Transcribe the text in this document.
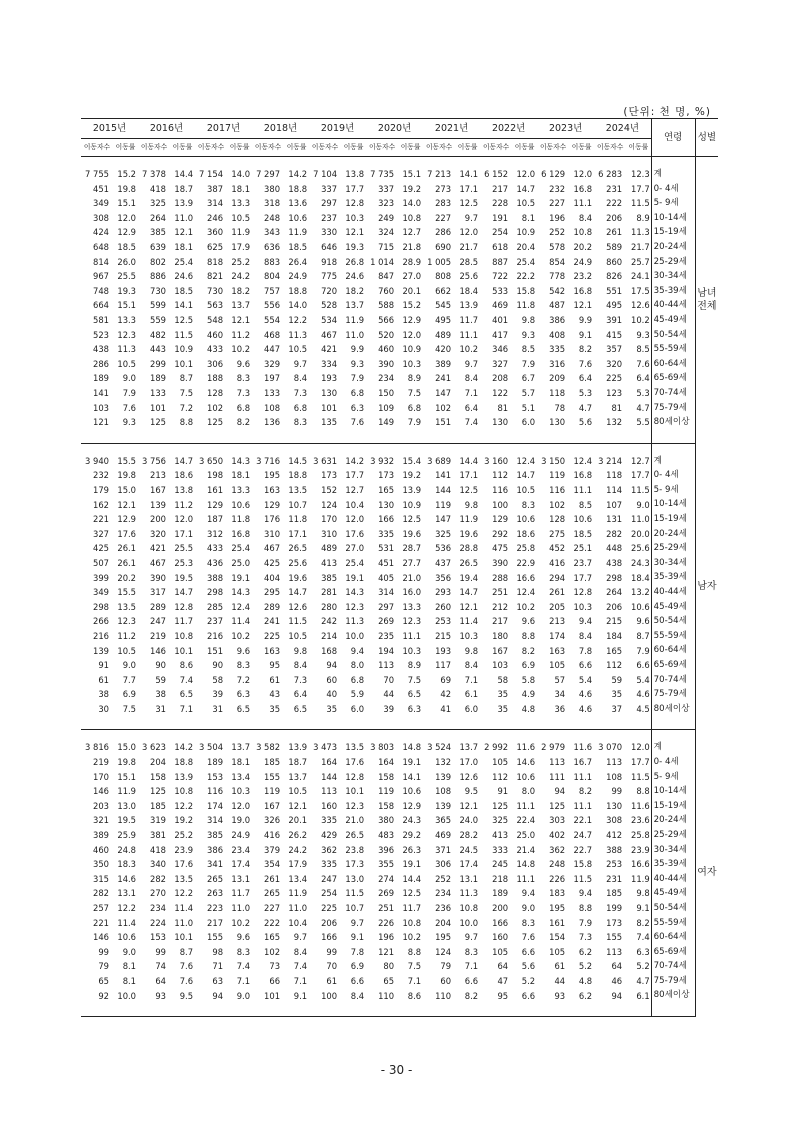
(단위: 천 명, %)
2015년		2016년		2017년		2018년		2019년		2020년		2021년		2022년		2023년		2024년		연령	성별
이동자수	이동률	이동자수	이동률	이동자수	이동률	이동자수	이동률	이동자수	이동률	이동자수	이동률	이동자수	이동률	이동자수	이동률	이동자수	이동률	이동자수	이동률		
																					남녀전체
7 755	15.2	7 378	14.4	7 154	14.0	7 297	14.2	7 104	13.8	7 735	15.1	7 213	14.1	6 152	12.0	6 129	12.0	6 283	12.3	계	
451	19.8	418	18.7	387	18.1	380	18.8	337	17.7	337	19.2	273	17.1	217	14.7	232	16.8	231	17.7	0- 4세	
349	15.1	325	13.9	314	13.3	318	13.6	297	12.8	323	14.0	283	12.5	228	10.5	227	11.1	222	11.5	5- 9세	
308	12.0	264	11.0	246	10.5	248	10.6	237	10.3	249	10.8	227	9.7	191	8.1	196	8.4	206	8.9	10-14세	
424	12.9	385	12.1	360	11.9	343	11.9	330	12.1	324	12.7	286	12.0	254	10.9	252	10.8	261	11.3	15-19세	
648	18.5	639	18.1	625	17.9	636	18.5	646	19.3	715	21.8	690	21.7	618	20.4	578	20.2	589	21.7	20-24세	
814	26.0	802	25.4	818	25.2	883	26.4	918	26.8	1 014	28.9	1 005	28.5	887	25.4	854	24.9	860	25.7	25-29세	
967	25.5	886	24.6	821	24.2	804	24.9	775	24.6	847	27.0	808	25.6	722	22.2	778	23.2	826	24.1	30-34세	
748	19.3	730	18.5	730	18.2	757	18.8	720	18.2	760	20.1	662	18.4	533	15.8	542	16.8	551	17.5	35-39세	
664	15.1	599	14.1	563	13.7	556	14.0	528	13.7	588	15.2	545	13.9	469	11.8	487	12.1	495	12.6	40-44세	
581	13.3	559	12.5	548	12.1	554	12.2	534	11.9	566	12.9	495	11.7	401	9.8	386	9.9	391	10.2	45-49세	
523	12.3	482	11.5	460	11.2	468	11.3	467	11.0	520	12.0	489	11.1	417	9.3	408	9.1	415	9.3	50-54세	
438	11.3	443	10.9	433	10.2	447	10.5	421	9.9	460	10.9	420	10.2	346	8.5	335	8.2	357	8.5	55-59세	
286	10.5	299	10.1	306	9.6	329	9.7	334	9.3	390	10.3	389	9.7	327	7.9	316	7.6	320	7.6	60-64세	
189	9.0	189	8.7	188	8.3	197	8.4	193	7.9	234	8.9	241	8.4	208	6.7	209	6.4	225	6.4	65-69세	
141	7.9	133	7.5	128	7.3	133	7.3	130	6.8	150	7.5	147	7.1	122	5.7	118	5.3	123	5.3	70-74세	
103	7.6	101	7.2	102	6.8	108	6.8	101	6.3	109	6.8	102	6.4	81	5.1	78	4.7	81	4.7	75-79세	
121	9.3	125	8.8	125	8.2	136	8.3	135	7.6	149	7.9	151	7.4	130	6.0	130	5.6	132	5.5	80세이상	

																					남자
3 940	15.5	3 756	14.7	3 650	14.3	3 716	14.5	3 631	14.2	3 932	15.4	3 689	14.4	3 160	12.4	3 150	12.4	3 214	12.7	계	
232	19.8	213	18.6	198	18.1	195	18.8	173	17.7	173	19.2	141	17.1	112	14.7	119	16.8	118	17.7	0- 4세	
179	15.0	167	13.8	161	13.3	163	13.5	152	12.7	165	13.9	144	12.5	116	10.5	116	11.1	114	11.5	5- 9세	
162	12.1	139	11.2	129	10.6	129	10.7	124	10.4	130	10.9	119	9.8	100	8.3	102	8.5	107	9.0	10-14세	
221	12.9	200	12.0	187	11.8	176	11.8	170	12.0	166	12.5	147	11.9	129	10.6	128	10.6	131	11.0	15-19세	
327	17.6	320	17.1	312	16.8	310	17.1	310	17.6	335	19.6	325	19.6	292	18.6	275	18.5	282	20.0	20-24세	
425	26.1	421	25.5	433	25.4	467	26.5	489	27.0	531	28.7	536	28.8	475	25.8	452	25.1	448	25.6	25-29세	
507	26.1	467	25.3	436	25.0	425	25.6	413	25.4	451	27.7	437	26.5	390	22.9	416	23.7	438	24.3	30-34세	
399	20.2	390	19.5	388	19.1	404	19.6	385	19.1	405	21.0	356	19.4	288	16.6	294	17.7	298	18.4	35-39세	
349	15.5	317	14.7	298	14.3	295	14.7	281	14.3	314	16.0	293	14.7	251	12.4	261	12.8	264	13.2	40-44세	
298	13.5	289	12.8	285	12.4	289	12.6	280	12.3	297	13.3	260	12.1	212	10.2	205	10.3	206	10.6	45-49세	
266	12.3	247	11.7	237	11.4	241	11.5	242	11.3	269	12.3	253	11.4	217	9.6	213	9.4	215	9.6	50-54세	
216	11.2	219	10.8	216	10.2	225	10.5	214	10.0	235	11.1	215	10.3	180	8.8	174	8.4	184	8.7	55-59세	
139	10.5	146	10.1	151	9.6	163	9.8	168	9.4	194	10.3	193	9.8	167	8.2	163	7.8	165	7.9	60-64세	
91	9.0	90	8.6	90	8.3	95	8.4	94	8.0	113	8.9	117	8.4	103	6.9	105	6.6	112	6.6	65-69세	
61	7.7	59	7.4	58	7.2	61	7.3	60	6.8	70	7.5	69	7.1	58	5.8	57	5.4	59	5.4	70-74세	
38	6.9	38	6.5	39	6.3	43	6.4	40	5.9	44	6.5	42	6.1	35	4.9	34	4.6	35	4.6	75-79세	
30	7.5	31	7.1	31	6.5	35	6.5	35	6.0	39	6.3	41	6.0	35	4.8	36	4.6	37	4.5	80세이상	

																					여자
3 816	15.0	3 623	14.2	3 504	13.7	3 582	13.9	3 473	13.5	3 803	14.8	3 524	13.7	2 992	11.6	2 979	11.6	3 070	12.0	계	
219	19.8	204	18.8	189	18.1	185	18.7	164	17.6	164	19.1	132	17.0	105	14.6	113	16.7	113	17.7	0- 4세	
170	15.1	158	13.9	153	13.4	155	13.7	144	12.8	158	14.1	139	12.6	112	10.6	111	11.1	108	11.5	5- 9세	
146	11.9	125	10.8	116	10.3	119	10.5	113	10.1	119	10.6	108	9.5	91	8.0	94	8.2	99	8.8	10-14세	
203	13.0	185	12.2	174	12.0	167	12.1	160	12.3	158	12.9	139	12.1	125	11.1	125	11.1	130	11.6	15-19세	
321	19.5	319	19.2	314	19.0	326	20.1	335	21.0	380	24.3	365	24.0	325	22.4	303	22.1	308	23.6	20-24세	
389	25.9	381	25.2	385	24.9	416	26.2	429	26.5	483	29.2	469	28.2	413	25.0	402	24.7	412	25.8	25-29세	
460	24.8	418	23.9	386	23.4	379	24.2	362	23.8	396	26.3	371	24.5	333	21.4	362	22.7	388	23.9	30-34세	
350	18.3	340	17.6	341	17.4	354	17.9	335	17.3	355	19.1	306	17.4	245	14.8	248	15.8	253	16.6	35-39세	
315	14.6	282	13.5	265	13.1	261	13.4	247	13.0	274	14.4	252	13.1	218	11.1	226	11.5	231	11.9	40-44세	
282	13.1	270	12.2	263	11.7	265	11.9	254	11.5	269	12.5	234	11.3	189	9.4	183	9.4	185	9.8	45-49세	
257	12.2	234	11.4	223	11.0	227	11.0	225	10.7	251	11.7	236	10.8	200	9.0	195	8.8	199	9.1	50-54세	
221	11.4	224	11.0	217	10.2	222	10.4	206	9.7	226	10.8	204	10.0	166	8.3	161	7.9	173	8.2	55-59세	
146	10.6	153	10.1	155	9.6	165	9.7	166	9.1	196	10.2	195	9.7	160	7.6	154	7.3	155	7.4	60-64세	
99	9.0	99	8.7	98	8.3	102	8.4	99	7.8	121	8.8	124	8.3	105	6.6	105	6.2	113	6.3	65-69세	
79	8.1	74	7.6	71	7.4	73	7.4	70	6.9	80	7.5	79	7.1	64	5.6	61	5.2	64	5.2	70-74세	
65	8.1	64	7.6	63	7.1	66	7.1	61	6.6	65	7.1	60	6.6	47	5.2	44	4.8	46	4.7	75-79세	
92	10.0	93	9.5	94	9.0	101	9.1	100	8.4	110	8.6	110	8.2	95	6.6	93	6.2	94	6.1	80세이상	

- 30 -
